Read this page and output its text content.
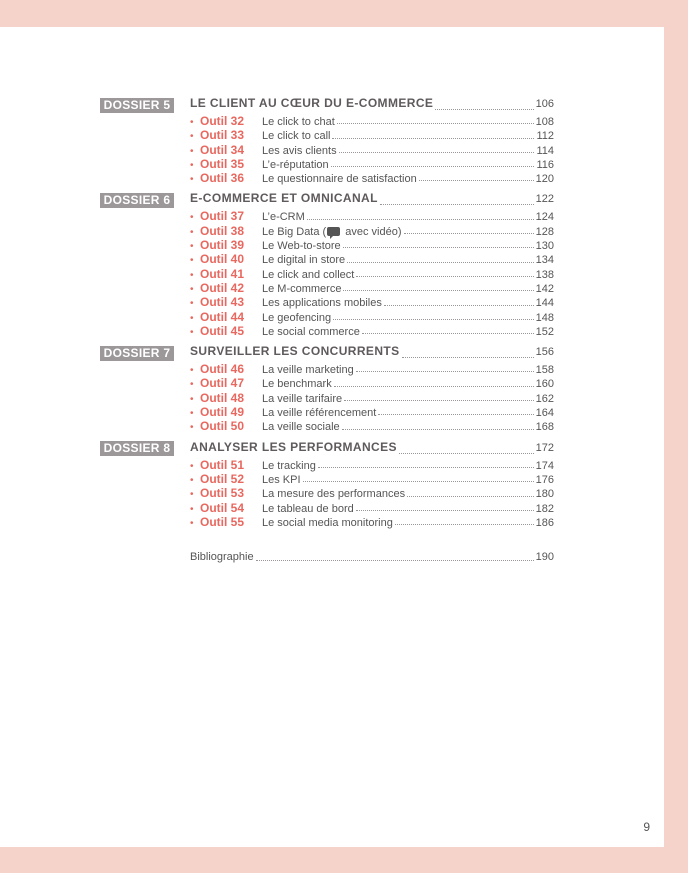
DOSSIER 5	LE CLIENT AU CŒUR DU E-COMMERCE	106
• Outil 32	Le click to chat	108
• Outil 33	Le click to call	112
• Outil 34	Les avis clients	114
• Outil 35	L’e-réputation	116
• Outil 36	Le questionnaire de satisfaction	120
DOSSIER 6	E-COMMERCE ET OMNICANAL	122
• Outil 37	L’e-CRM	124
• Outil 38	Le Big Data ( avec vidéo)	128
• Outil 39	Le Web-to-store	130
• Outil 40	Le digital in store	134
• Outil 41	Le click and collect	138
• Outil 42	Le M-commerce	142
• Outil 43	Les applications mobiles	144
• Outil 44	Le geofencing	148
• Outil 45	Le social commerce	152
DOSSIER 7	SURVEILLER LES CONCURRENTS	156
• Outil 46	La veille marketing	158
• Outil 47	Le benchmark	160
• Outil 48	La veille tarifaire	162
• Outil 49	La veille référencement	164
• Outil 50	La veille sociale	168
DOSSIER 8	ANALYSER LES PERFORMANCES	172
• Outil 51	Le tracking	174
• Outil 52	Les KPI	176
• Outil 53	La mesure des performances	180
• Outil 54	Le tableau de bord	182
• Outil 55	Le social media monitoring	186
Bibliographie	190
9
